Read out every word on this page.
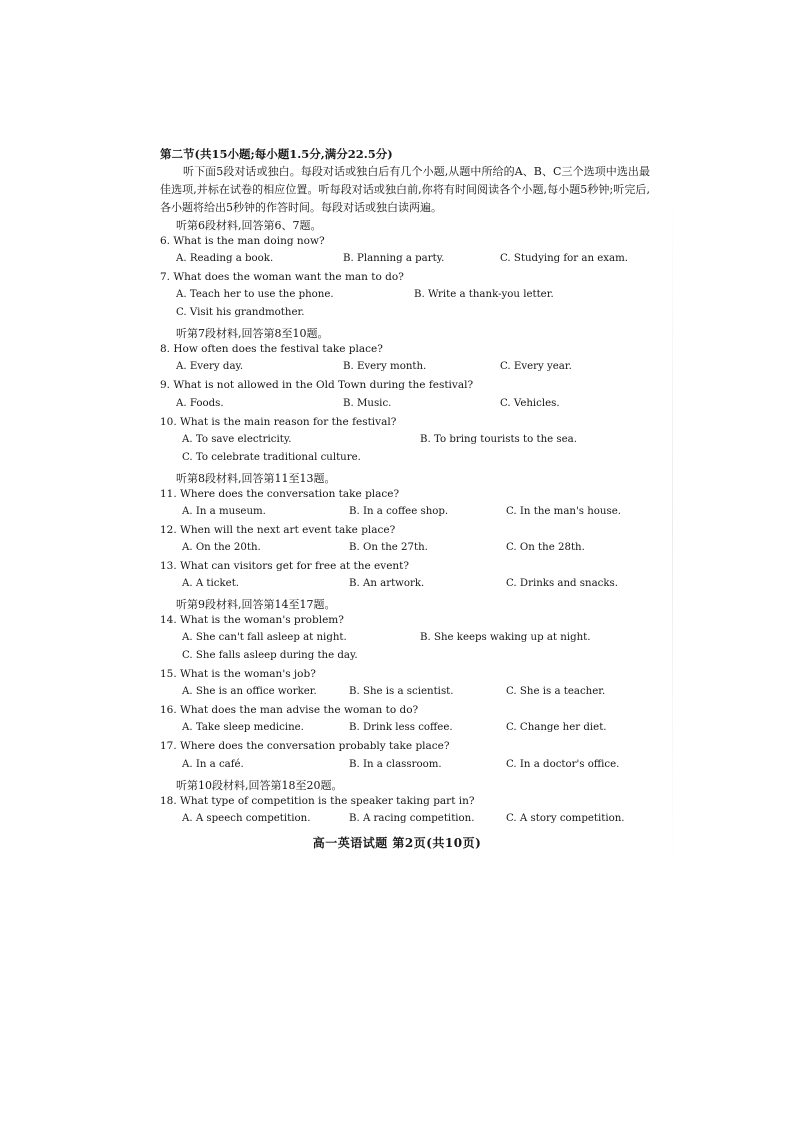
第二节(共15小题;每小题1.5分,满分22.5分)
听下面5段对话或独白。每段对话或独白后有几个小题,从题中所给的A、B、C三个选项中选出最佳选项,并标在试卷的相应位置。听每段对话或独白前,你将有时间阅读各个小题,每小题5秒钟;听完后,各小题将给出5秒钟的作答时间。每段对话或独白读两遍。
听第6段材料,回答第6、7题。
6. What is the man doing now?
A. Reading a book.	B. Planning a party.	C. Studying for an exam.
7. What does the woman want the man to do?
A. Teach her to use the phone.	B. Write a thank-you letter.
C. Visit his grandmother.
听第7段材料,回答第8至10题。
8. How often does the festival take place?
A. Every day.	B. Every month.	C. Every year.
9. What is not allowed in the Old Town during the festival?
A. Foods.	B. Music.	C. Vehicles.
10. What is the main reason for the festival?
A. To save electricity.	B. To bring tourists to the sea.
C. To celebrate traditional culture.
听第8段材料,回答第11至13题。
11. Where does the conversation take place?
A. In a museum.	B. In a coffee shop.	C. In the man's house.
12. When will the next art event take place?
A. On the 20th.	B. On the 27th.	C. On the 28th.
13. What can visitors get for free at the event?
A. A ticket.	B. An artwork.	C. Drinks and snacks.
听第9段材料,回答第14至17题。
14. What is the woman's problem?
A. She can't fall asleep at night.	B. She keeps waking up at night.
C. She falls asleep during the day.
15. What is the woman's job?
A. She is an office worker.	B. She is a scientist.	C. She is a teacher.
16. What does the man advise the woman to do?
A. Take sleep medicine.	B. Drink less coffee.	C. Change her diet.
17. Where does the conversation probably take place?
A. In a café.	B. In a classroom.	C. In a doctor's office.
听第10段材料,回答第18至20题。
18. What type of competition is the speaker taking part in?
A. A speech competition.	B. A racing competition.	C. A story competition.
高一英语试题 第2页(共10页)
